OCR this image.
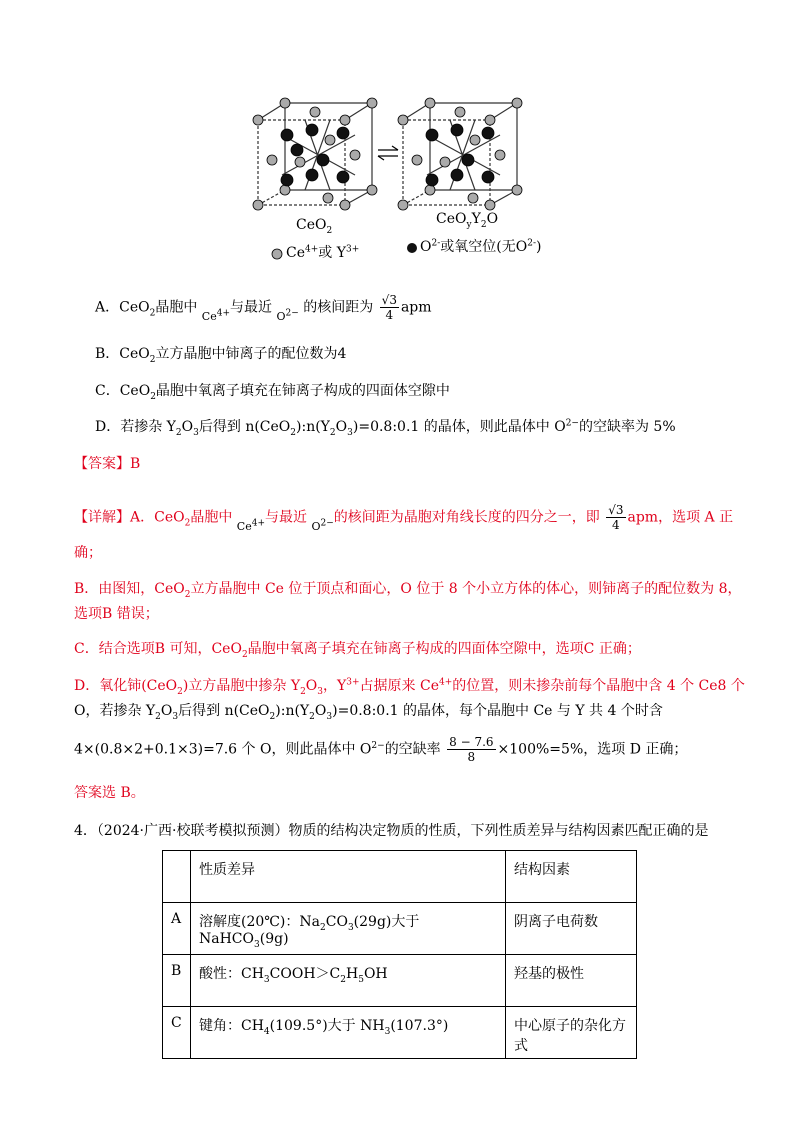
CeO$_2$
$CeO_yY_2O$
$Ce^{4+}$或 $Y^{3+}$	$O^{2-}$或氧空位(无$O^{2-}$)
A．CeO$_2$晶胞中 $Ce^{4+}$与最近 $O^{2-}$ 的核间距为 $\frac{√3}{4}$ apm
B．CeO$_2$立方晶胞中铈离子的配位数为4
C．CeO$_2$晶胞中氧离子填充在铈离子构成的四面体空隙中
D．若掺杂 $Y_2O_3$后得到 $n(CeO_2):n(Y_2O_3)=0.8:0.1$ 的晶体，则此晶体中 $O^{2-}$的空缺率为 5%
【答案】B
【详解】A．CeO$_2$晶胞中 $Ce^{4+}$与最近 $O^{2-}$的核间距为晶胞对角线长度的四分之一，即 $\frac{√3}{4}$ apm，选项 A 正
确；
B．由图知，CeO$_2$立方晶胞中 Ce 位于顶点和面心，O 位于 8 个小立方体的体心，则铈离子的配位数为 8，
选项B 错误；
C．结合选项B 可知，CeO$_2$晶胞中氧离子填充在铈离子构成的四面体空隙中，选项C 正确；
D．氧化铈(CeO$_2$)立方晶胞中掺杂 $Y_2O_3$，$Y^{3+}$占据原来 $Ce^{4+}$的位置，则未掺杂前每个晶胞中含 4 个 Ce8 个
O，若掺杂 $Y_2O_3$后得到 $n(CeO_2):n(Y_2O_3)=0.8:0.1$ 的晶体，每个晶胞中 Ce 与 Y 共 4 个时含
4×(0.8×2+0.1×3)=7.6 个 O，则此晶体中 $O^{2-}$的空缺率 $\frac{8 - 7.6}{8} \times 100\%=5\%$，选项 D 正确；
答案选 B。
4．（2024·广西·校联考模拟预测）物质的结构决定物质的性质，下列性质差异与结构因素匹配正确的是
	性质差异	结构因素
A	溶解度(20℃)：$Na_2CO_3(29g)$大于 NaHCO$_3$(9g)	阴离子电荷数
B	酸性：$CH_3COOH>C_2H_5OH$	羟基的极性
C	键角：$CH_4(109.5^\circ)$大于 $NH_3(107.3^\circ)$	中心原子的杂化方式
